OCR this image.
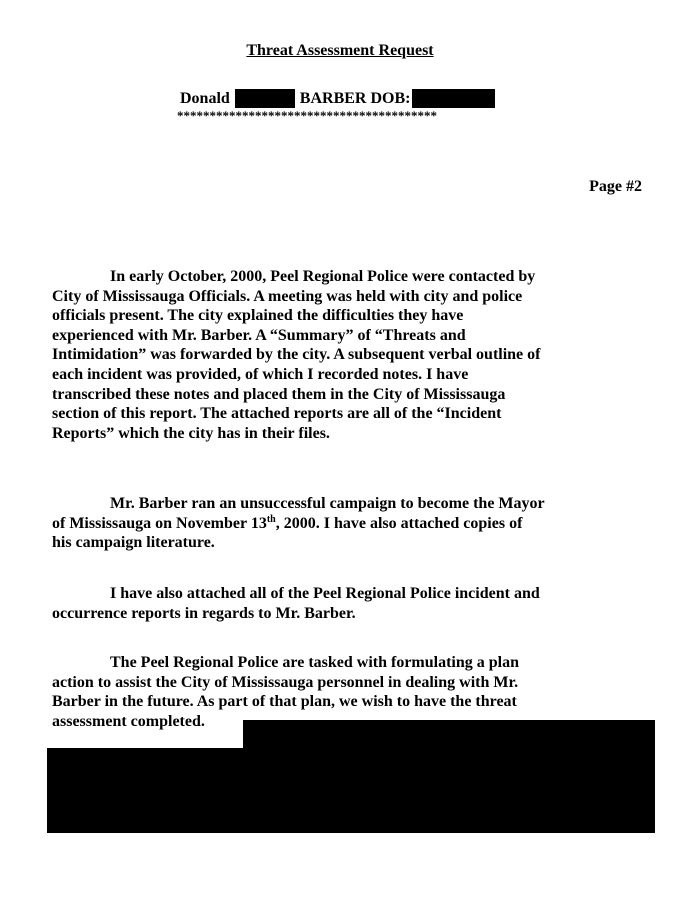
Threat Assessment Request
Donald	BARBER DOB:
****************************************
Page #2
In early October, 2000, Peel Regional Police were contacted by
City of Mississauga Officials. A meeting was held with city and police
officials present. The city explained the difficulties they have
experienced with Mr. Barber. A “Summary” of “Threats and
Intimidation” was forwarded by the city. A subsequent verbal outline of
each incident was provided, of which I recorded notes. I have
transcribed these notes and placed them in the City of Mississauga
section of this report. The attached reports are all of the “Incident
Reports” which the city has in their files.
Mr. Barber ran an unsuccessful campaign to become the Mayor
of Mississauga on November 13th, 2000. I have also attached copies of
his campaign literature.
I have also attached all of the Peel Regional Police incident and
occurrence reports in regards to Mr. Barber.
The Peel Regional Police are tasked with formulating a plan
action to assist the City of Mississauga personnel in dealing with Mr.
Barber in the future. As part of that plan, we wish to have the threat
assessment completed.
